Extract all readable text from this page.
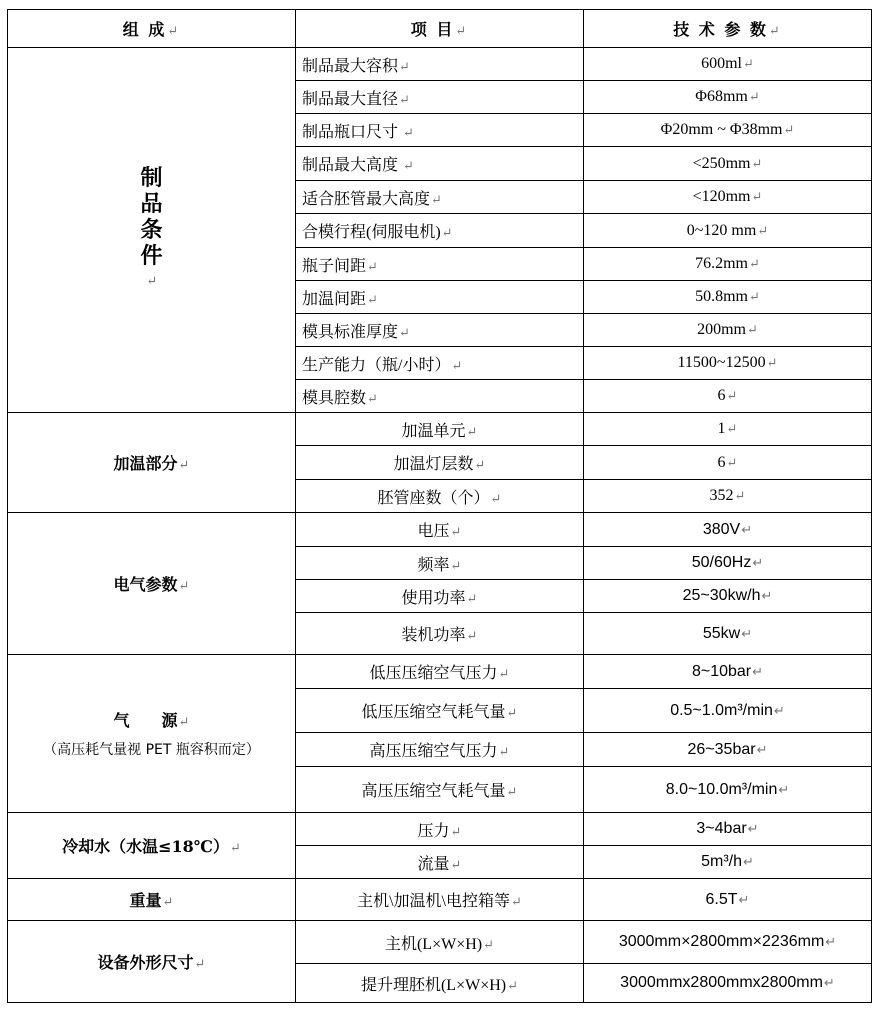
组 成↵	项 目↵	技 术 参 数↵

制
品
条
件
↵	制品最大容积↵	600ml↵
	制品最大直径↵	Φ68mm↵
	制品瓶口尺寸 ↵	Φ20mm ~ Φ38mm↵
	制品最大高度 ↵	<250mm↵
	适合胚管最大高度↵	<120mm↵
	合模行程(伺服电机)↵	0~120 mm↵
	瓶子间距↵	76.2mm↵
	加温间距↵	50.8mm↵
	模具标准厚度↵	200mm↵
	生产能力（瓶/小时）↵	11500~12500↵
	模具腔数↵	6↵
加温部分↵	加温单元↵	1↵
	加温灯层数↵	6↵
	胚管座数（个）↵	352↵
电气参数↵	电压↵	380V↵
	频率↵	50/60Hz↵
	使用功率↵	25~30kw/h↵
	装机功率↵	55kw↵
气　　源↵
（高压耗气量视 PET 瓶容积而定）	低压压缩空气压力↵	8~10bar↵
	低压压缩空气耗气量↵	0.5~1.0m³/min↵
	高压压缩空气压力↵	26~35bar↵
	高压压缩空气耗气量↵	8.0~10.0m³/min↵
冷却水（水温≤18℃）↵	压力↵	3~4bar↵
	流量↵	5m³/h↵
重量↵	主机\加温机\电控箱等↵	6.5T↵
设备外形尺寸↵	主机(L×W×H)↵	3000mm×2800mm×2236mm↵
	提升理胚机(L×W×H)↵	3000mmx2800mmx2800mm↵
